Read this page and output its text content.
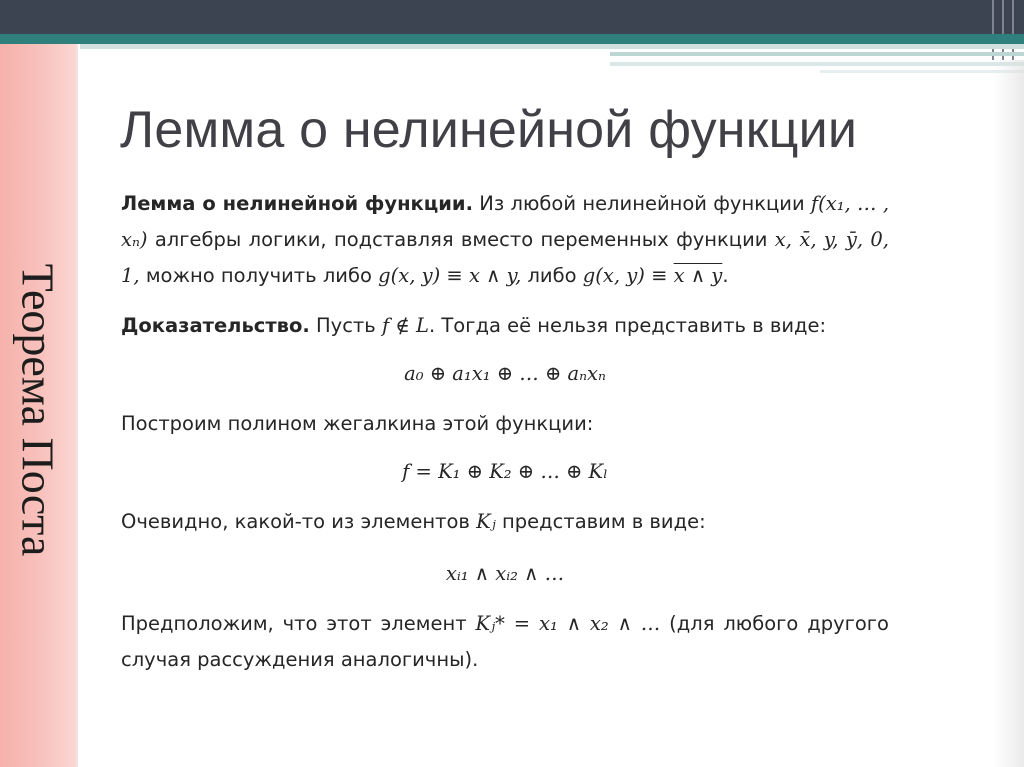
Теорема Поста
Лемма о нелинейной функции

Лемма о нелинейной функции. Из любой нелинейной функции f(x₁, … , xₙ) алгебры логики, подставляя вместо переменных функции x, x̄, y, ȳ, 0, 1, можно получить либо g(x, y) ≡ x ∧ y, либо g(x, y) ≡ x ∧ y.

Доказательство. Пусть f ∉ L. Тогда её нельзя представить в виде:

a₀ ⊕ a₁x₁ ⊕ … ⊕ aₙxₙ

Построим полином жегалкина этой функции:

f = K₁ ⊕ K₂ ⊕ … ⊕ Kₗ

Очевидно, какой-то из элементов Kⱼ представим в виде:

xᵢ₁ ∧ xᵢ₂ ∧ …

Предположим, что этот элемент Kⱼ* = x₁ ∧ x₂ ∧ … (для любого другого случая рассуждения аналогичны).
